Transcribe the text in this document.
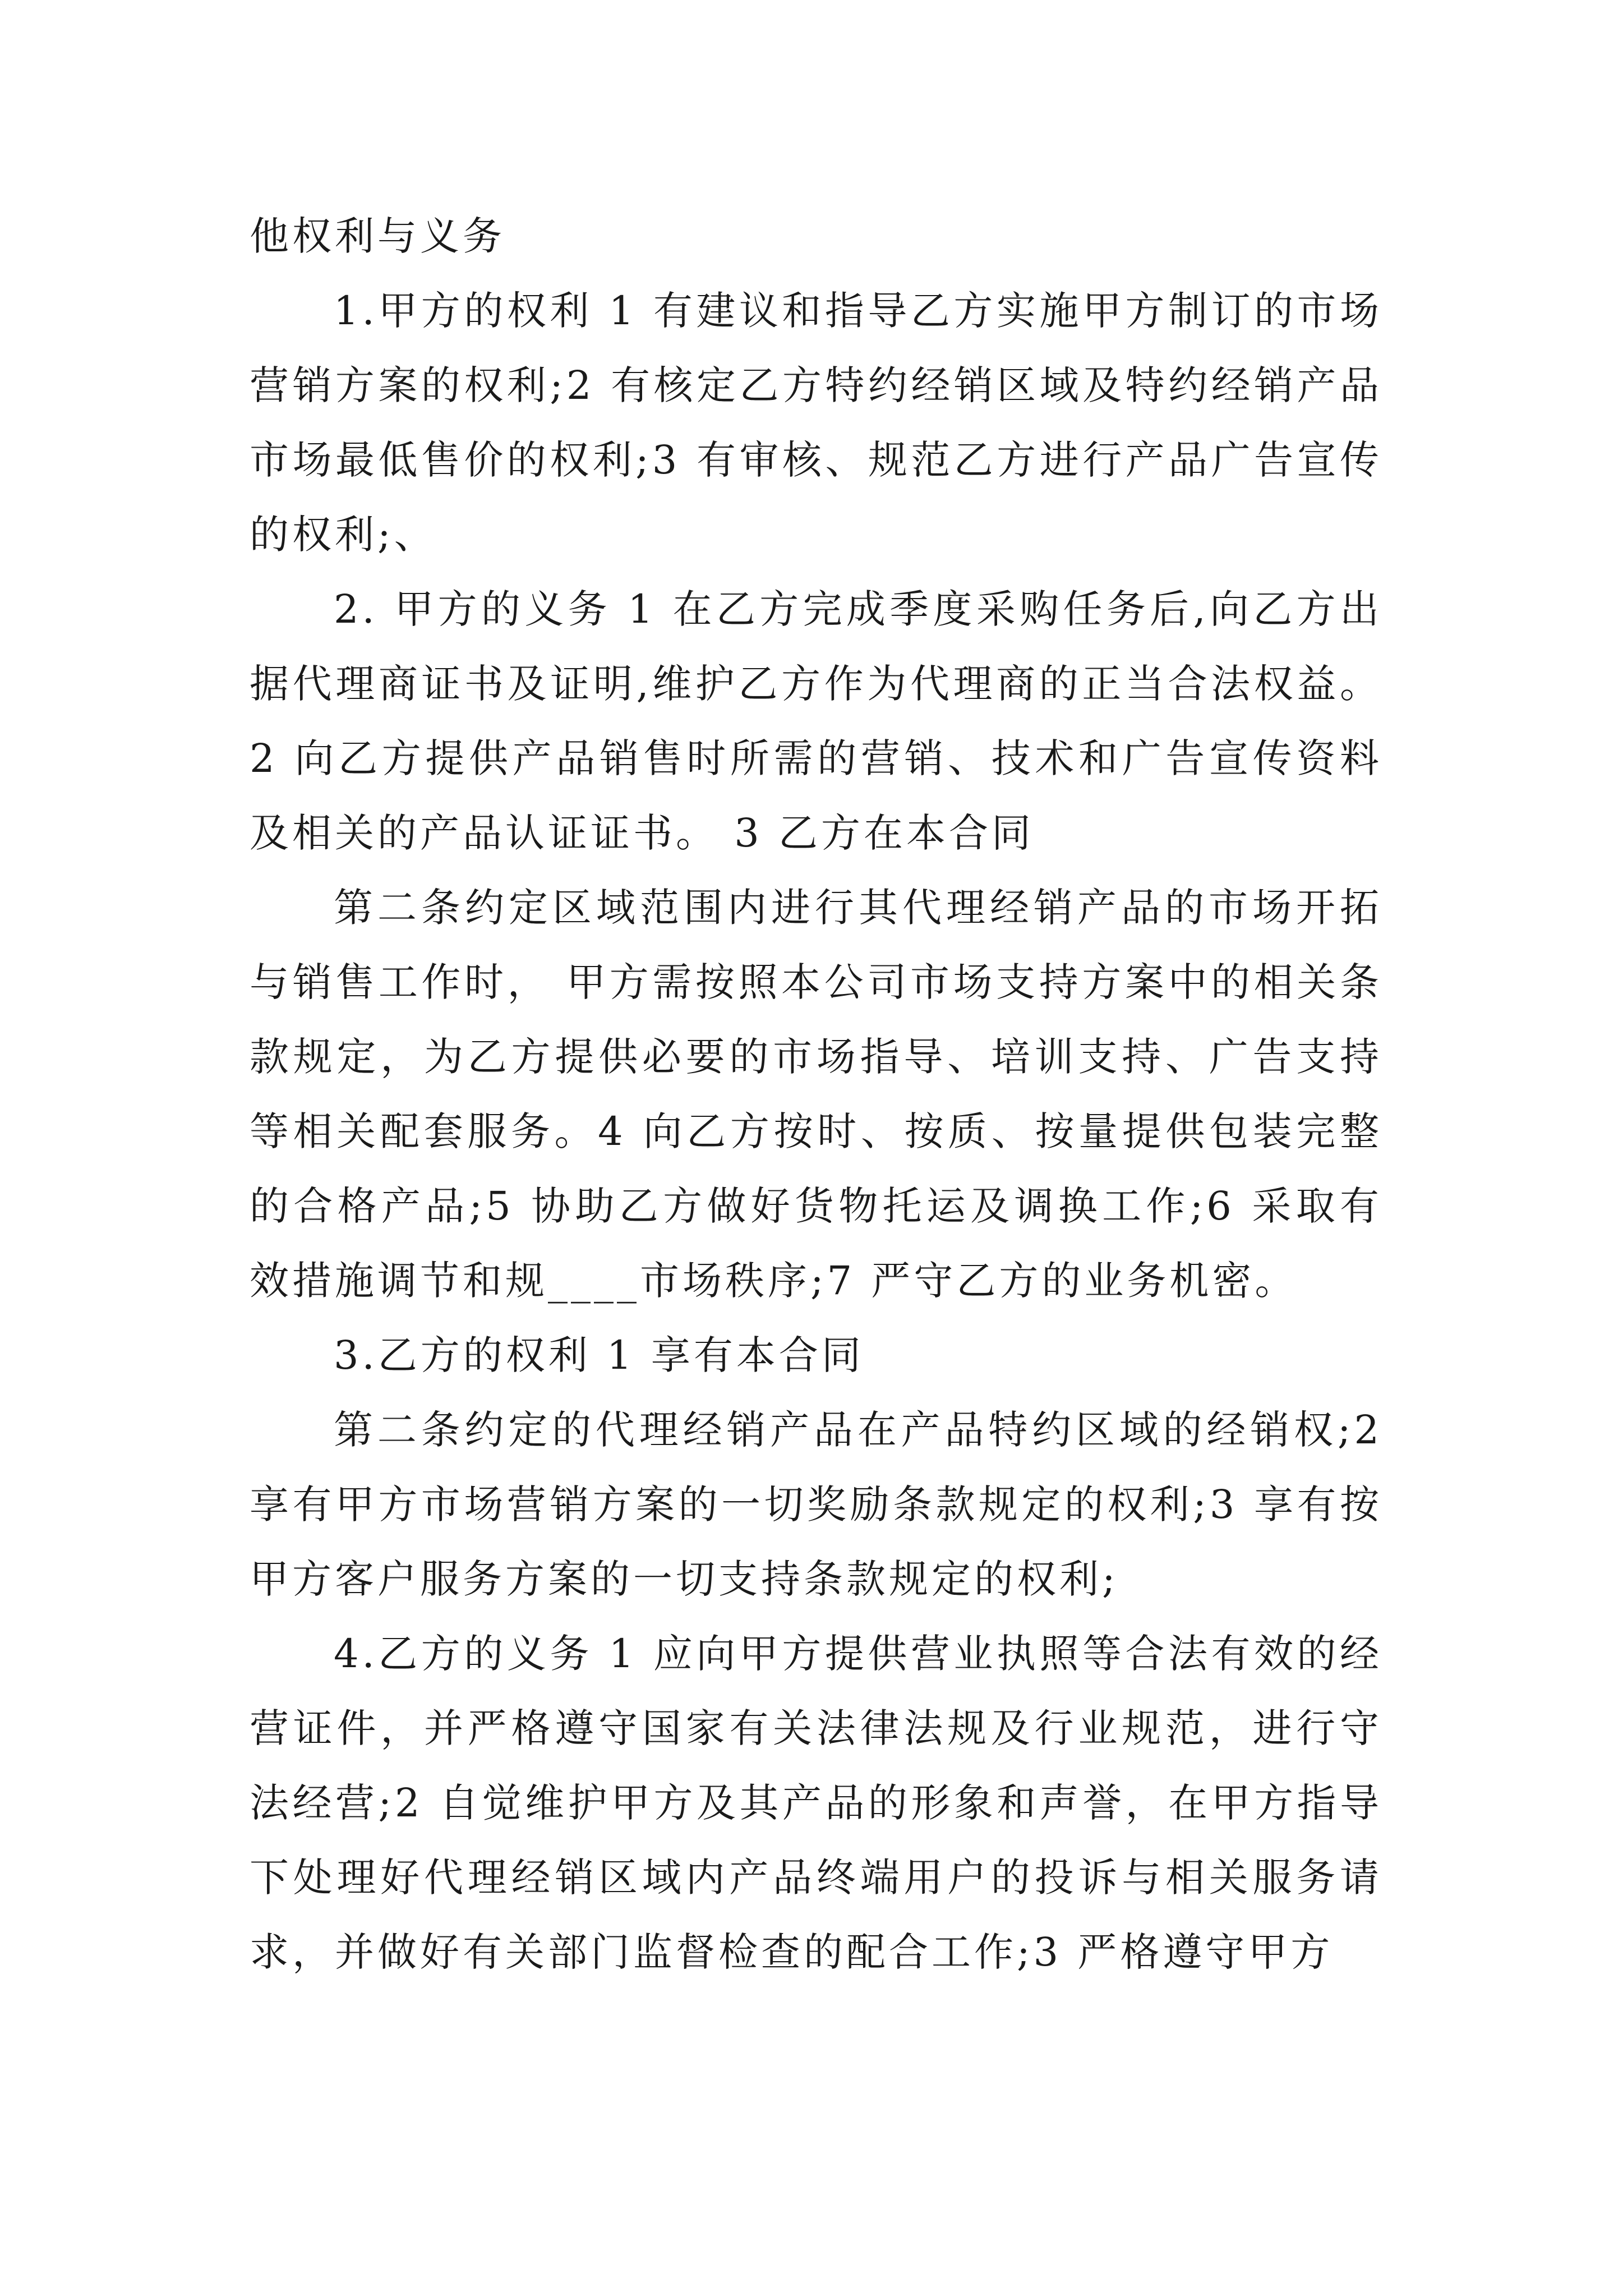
他权利与义务

1.甲方的权利 1 有建议和指导乙方实施甲方制订的市场营销方案的权利;2 有核定乙方特约经销区域及特约经销产品市场最低售价的权利;3 有审核、规范乙方进行产品广告宣传的权利;、

2. 甲方的义务 1 在乙方完成季度采购任务后,向乙方出据代理商证书及证明,维护乙方作为代理商的正当合法权益。2 向乙方提供产品销售时所需的营销、技术和广告宣传资料及相关的产品认证证书。 3 乙方在本合同

第二条约定区域范围内进行其代理经销产品的市场开拓与销售工作时， 甲方需按照本公司市场支持方案中的相关条款规定，为乙方提供必要的市场指导、培训支持、广告支持等相关配套服务。4 向乙方按时、按质、按量提供包装完整的合格产品;5 协助乙方做好货物托运及调换工作;6 采取有效措施调节和规____市场秩序;7 严守乙方的业务机密。

3.乙方的权利 1 享有本合同

第二条约定的代理经销产品在产品特约区域的经销权;2 享有甲方市场营销方案的一切奖励条款规定的权利;3 享有按甲方客户服务方案的一切支持条款规定的权利;

4.乙方的义务 1 应向甲方提供营业执照等合法有效的经营证件，并严格遵守国家有关法律法规及行业规范，进行守法经营;2 自觉维护甲方及其产品的形象和声誉，在甲方指导下处理好代理经销区域内产品终端用户的投诉与相关服务请求，并做好有关部门监督检查的配合工作;3 严格遵守甲方
